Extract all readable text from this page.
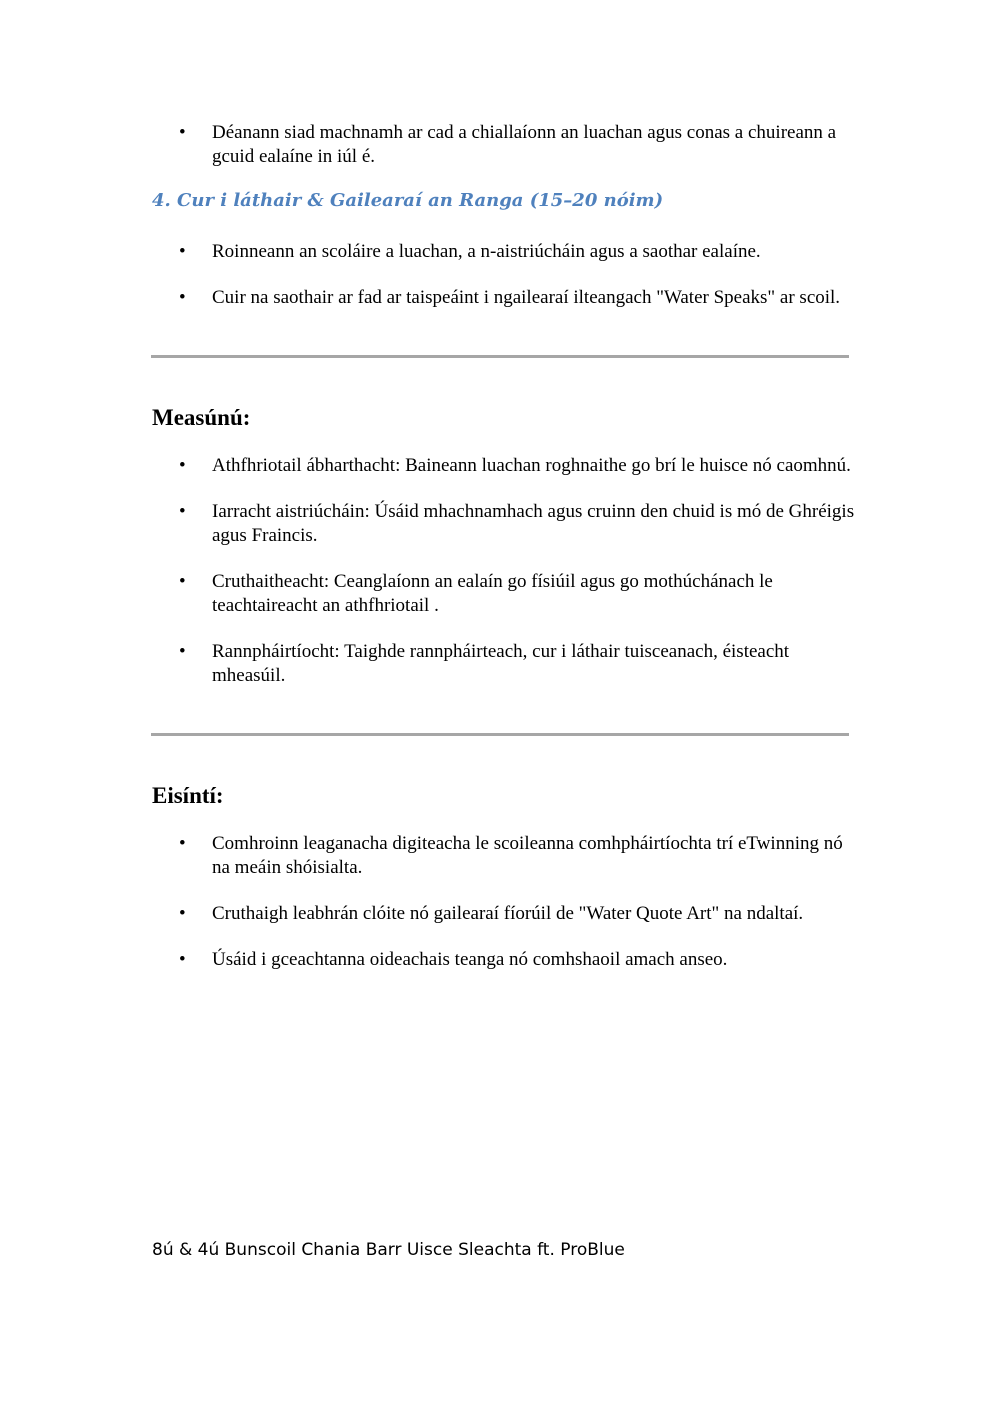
• Déanann siad machnamh ar cad a chiallaíonn an luachan agus conas a chuireann a gcuid ealaíne in iúl é.
4. Cur i láthair & Gailearaí an Ranga (15–20 nóim)
• Roinneann an scoláire a luachan, a n-aistriúcháin agus a saothar ealaíne.
• Cuir na saothair ar fad ar taispeáint i ngailearaí ilteangach "Water Speaks" ar scoil.
Measúnú:
• Athfhriotail ábharthacht: Baineann luachan roghnaithe go brí le huisce nó caomhnú.
• Iarracht aistriúcháin: Úsáid mhachnamhach agus cruinn den chuid is mó de Ghréigis agus Fraincis.
• Cruthaitheacht: Ceanglaíonn an ealaín go físiúil agus go mothúchánach le teachtaireacht an athfhriotail .
• Rannpháirtíocht: Taighde rannpháirteach, cur i láthair tuisceanach, éisteacht mheasúil.
Eisíntí:
• Comhroinn leaganacha digiteacha le scoileanna comhpháirtíochta trí eTwinning nó na meáin shóisialta.
• Cruthaigh leabhrán clóite nó gailearaí fíorúil de "Water Quote Art" na ndaltaí.
• Úsáid i gceachtanna oideachais teanga nó comhshaoil amach anseo.
8ú & 4ú Bunscoil Chania Barr Uisce Sleachta ft. ProBlue
